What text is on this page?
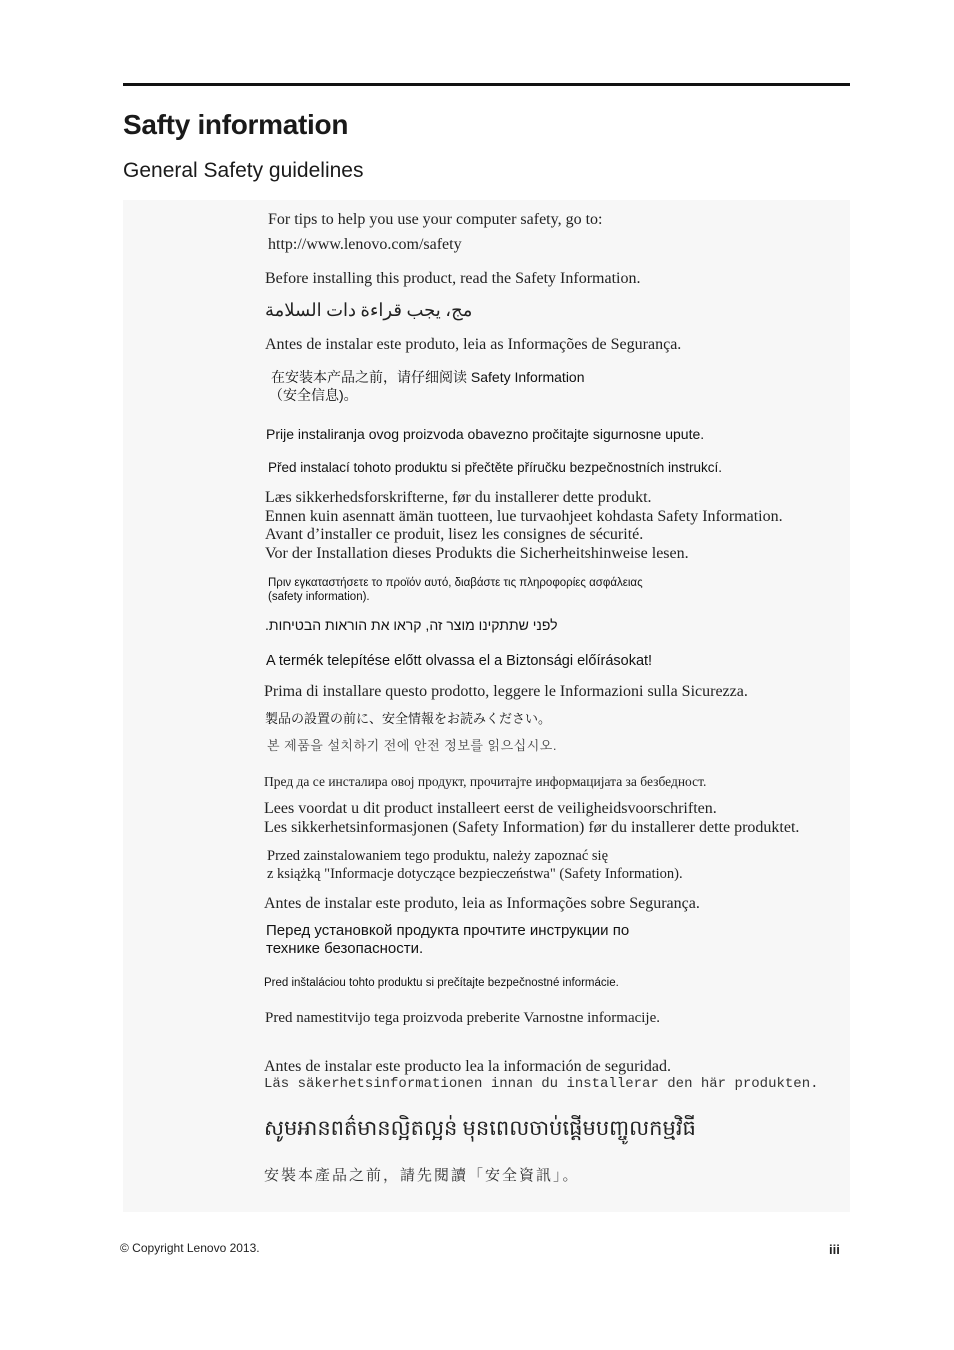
Safty information
General Safety guidelines
For tips to help you use your computer safety, go to:
http://www.lenovo.com/safety
Before installing this product, read the Safety Information.
مج، يجب قراءة دات السلامة
Antes de instalar este produto, leia as Informações de Segurança.
在安装本产品之前，请仔细阅读 Safety Information
（安全信息)。
Prije instaliranja ovog proizvoda obavezno pročitajte sigurnosne upute.
Před instalací tohoto produktu si přečtěte příručku bezpečnostních instrukcí.
Læs sikkerhedsforskrifterne, før du installerer dette produkt.
Ennen kuin asennatt ämän tuotteen, lue turvaohjeet kohdasta Safety Information.
Avant d’installer ce produit, lisez les consignes de sécurité.
Vor der Installation dieses Produkts die Sicherheitshinweise lesen.
Πριν εγκαταστήσετε το προϊόν αυτό, διαβάστε τις πληροφορίες ασφάλειας
(safety information).
לפני שתתקינו מוצר זה, קראו את הוראות הבטיחות.
A termék telepítése előtt olvassa el a Biztonsági előírásokat!
Prima di installare questo prodotto, leggere le Informazioni sulla Sicurezza.
製品の設置の前に、安全情報をお読みください。
본 제품을 설치하기 전에 안전 정보를 읽으십시오.
Пред да се инсталира овој продукт, прочитајте информацијата за безбедност.
Lees voordat u dit product installeert eerst de veiligheidsvoorschriften.
Les sikkerhetsinformasjonen (Safety Information) før du installerer dette produktet.
Przed zainstalowaniem tego produktu, należy zapoznać się
z książką "Informacje dotyczące bezpieczeństwa" (Safety Information).
Antes de instalar este produto, leia as Informações sobre Segurança.
Перед установкой продукта прочтите инструкции по
технике безопасности.
Pred inštaláciou tohto produktu si prečítajte bezpečnostné informácie.
Pred namestitvijo tega proizvoda preberite Varnostne informacije.
Antes de instalar este producto lea la información de seguridad.
Läs säkerhetsinformationen innan du installerar den här produkten.
សូមអានពត៌មានល្អិតល្អន់ មុនពេលចាប់ផ្តើមបញ្ចូលកម្មវិធី
安裝本產品之前，請先閱讀「安全資訊」。
© Copyright Lenovo 2013.	iii
